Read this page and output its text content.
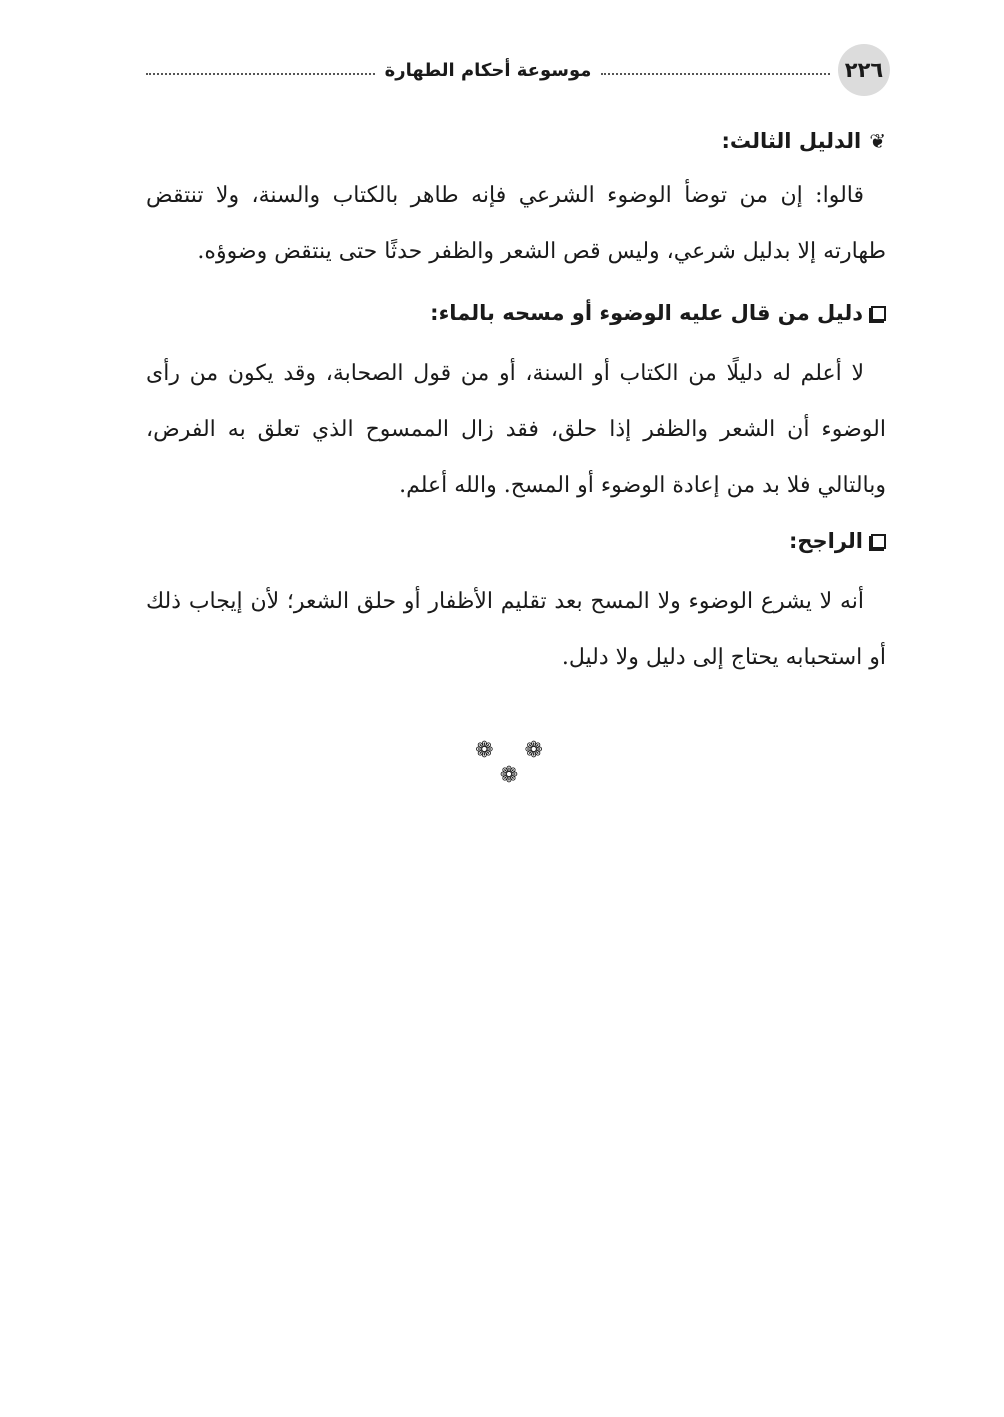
٢٢٦
موسوعة أحكام الطهارة
❦
الدليل الثالث:

قالوا: إن من توضأ الوضوء الشرعي فإنه طاهر بالكتاب والسنة، ولا تنتقض طهارته إلا بدليل شرعي، وليس قص الشعر والظفر حدثًا حتى ينتقض وضوؤه.

دليل من قال عليه الوضوء أو مسحه بالماء:

لا أعلم له دليلًا من الكتاب أو السنة، أو من قول الصحابة، وقد يكون من رأى الوضوء أن الشعر والظفر إذا حلق، فقد زال الممسوح الذي تعلق به الفرض، وبالتالي فلا بد من إعادة الوضوء أو المسح. والله أعلم.

الراجح:

أنه لا يشرع الوضوء ولا المسح بعد تقليم الأظفار أو حلق الشعر؛ لأن إيجاب ذلك أو استحبابه يحتاج إلى دليل ولا دليل.

❁ ❁ ❁
